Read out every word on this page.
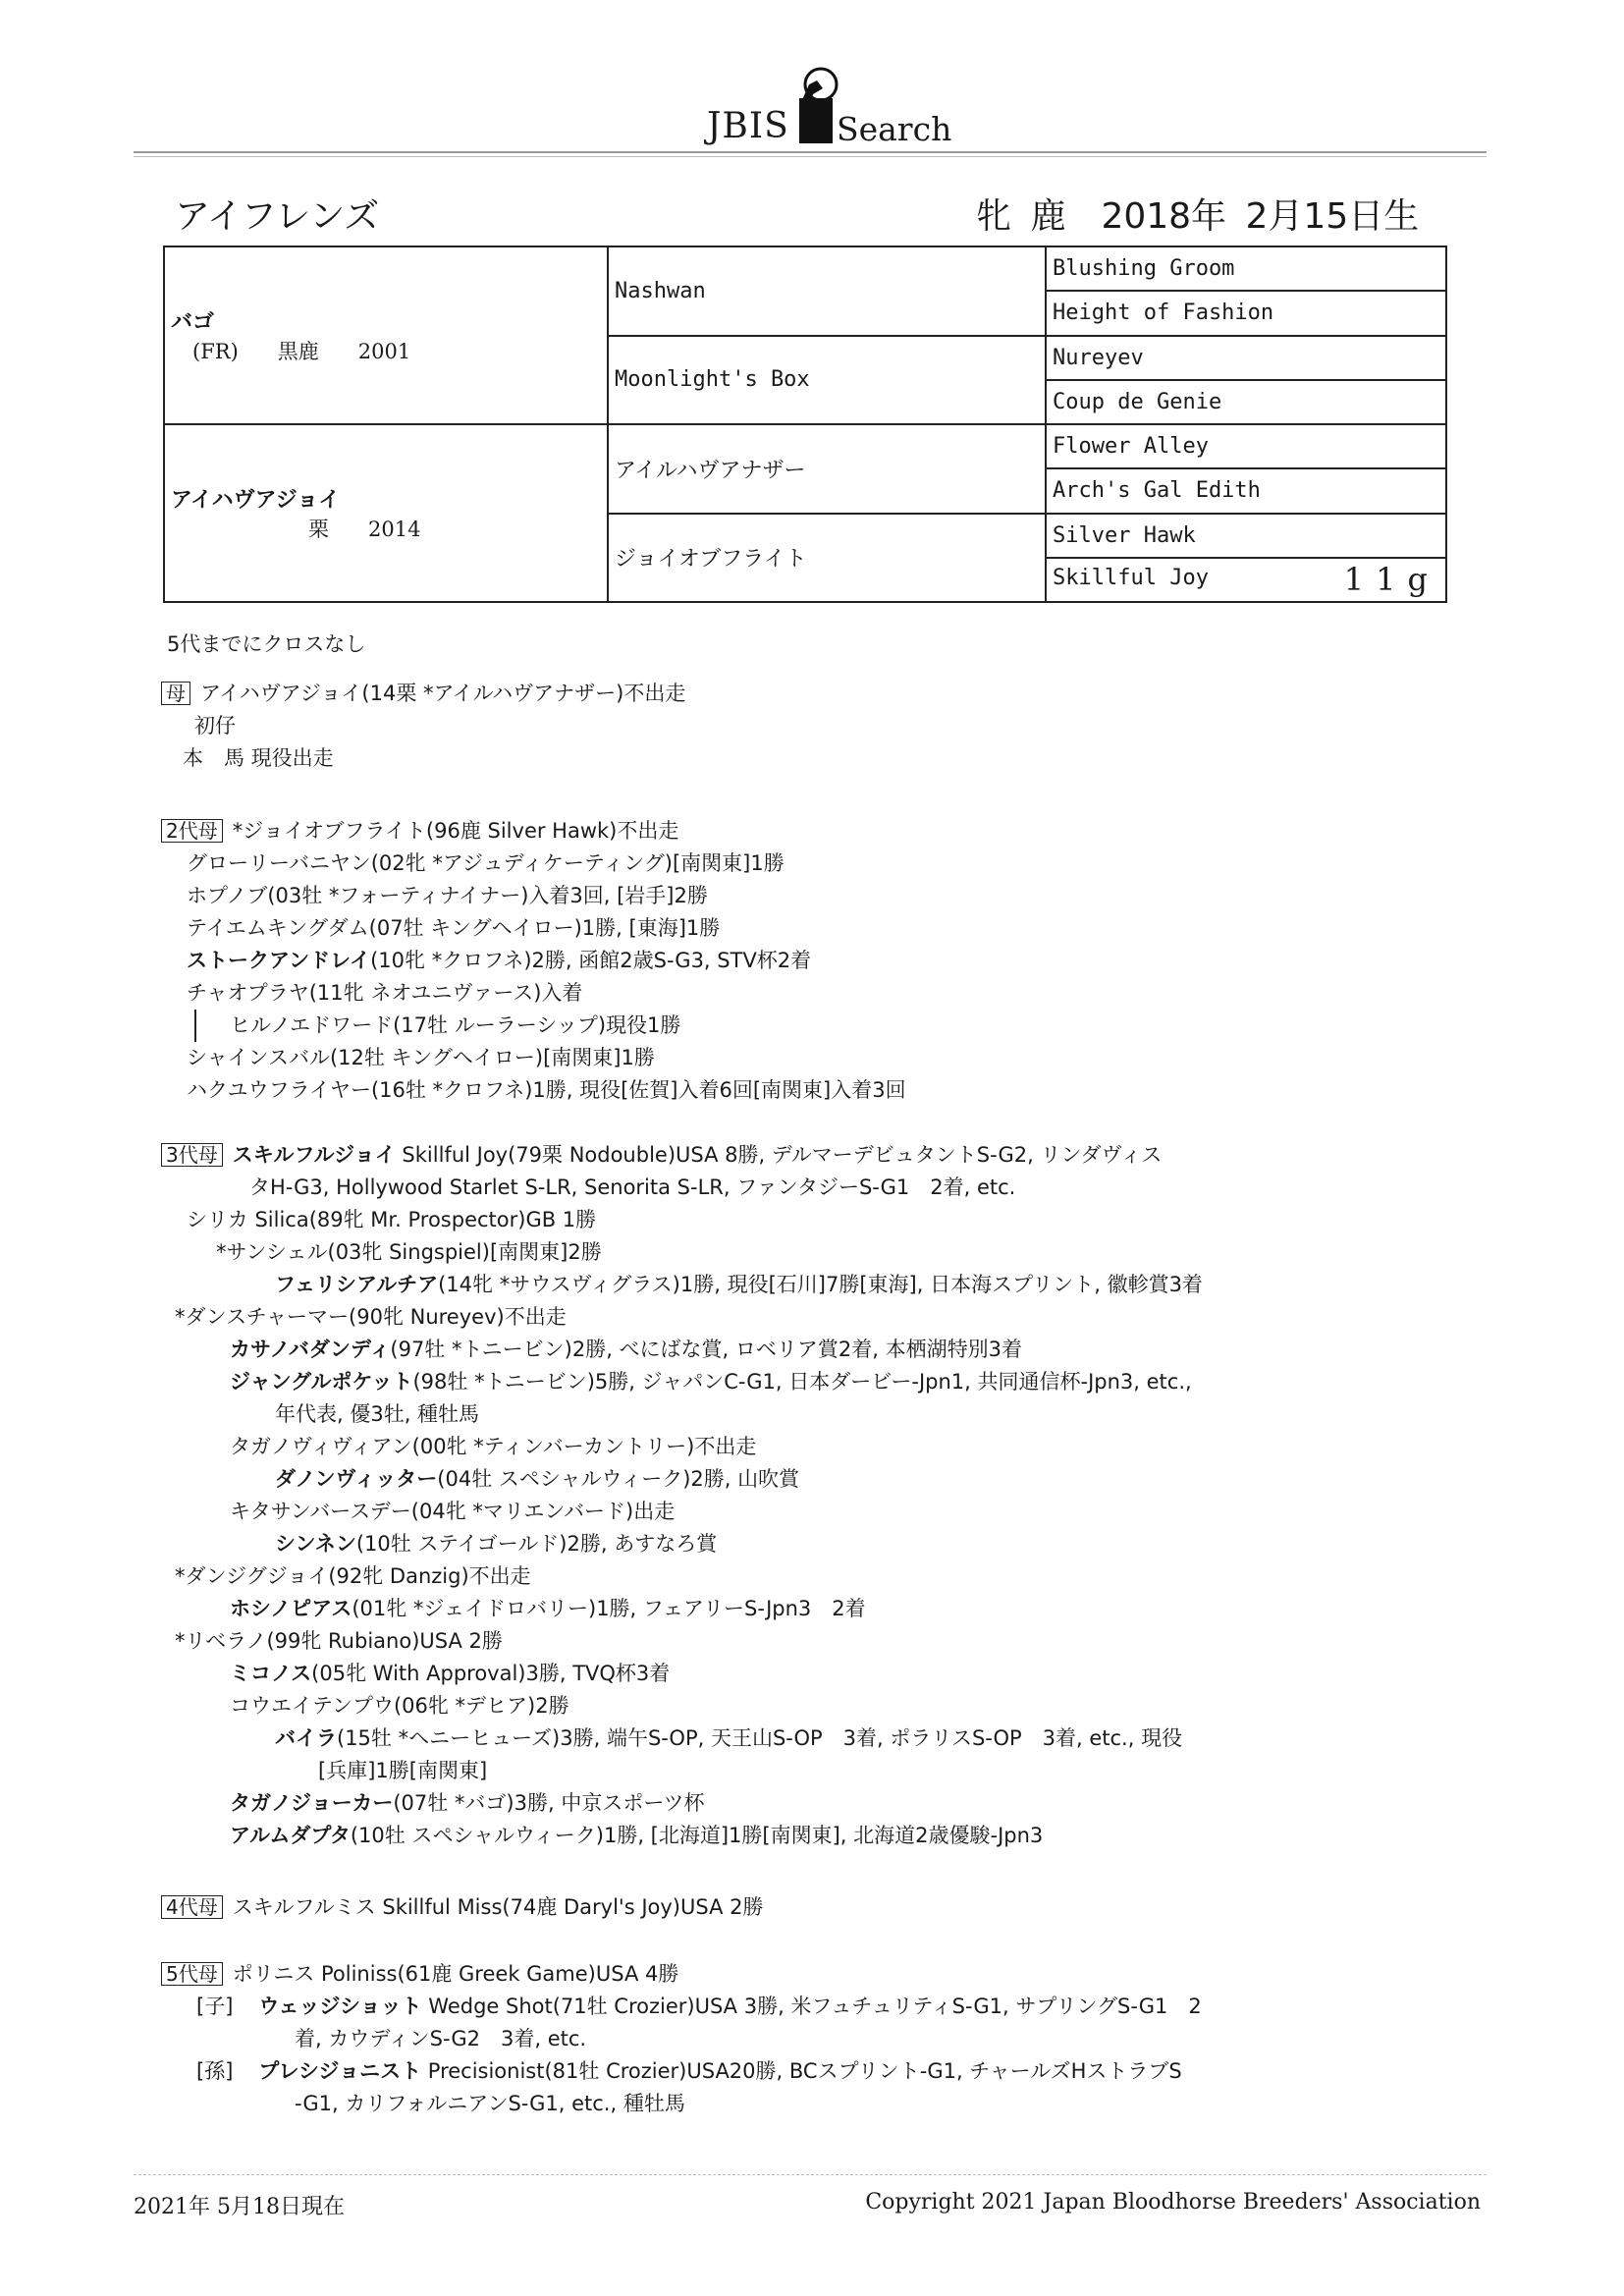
JBIS Search
アイフレンズ	牝 鹿　2018年 2月15日生
バゴ
(FR) 黒鹿 2001	Nashwan	Blushing Groom
		Height of Fashion
	Moonlight's Box	Nureyev
		Coup de Genie

アイハヴアジョイ
栗 2014	アイルハヴアナザー	Flower Alley
		Arch's Gal Edith
	ジョイオブフライト	Silver Hawk
		Skillful Joy 11g
5代までにクロスなし
母 アイハヴアジョイ(14栗 *アイルハヴアナザー)不出走
初仔
本　馬 現役出走
2代母 *ジョイオブフライト(96鹿 Silver Hawk)不出走
グローリーバニヤン(02牝 *アジュディケーティング)[南関東]1勝
ホプノブ(03牡 *フォーティナイナー)入着3回, [岩手]2勝
テイエムキングダム(07牡 キングヘイロー)1勝, [東海]1勝
ストークアンドレイ(10牝 *クロフネ)2勝, 函館2歳S-G3, STV杯2着
チャオプラヤ(11牝 ネオユニヴァース)入着
ヒルノエドワード(17牡 ルーラーシップ)現役1勝
シャインスバル(12牡 キングヘイロー)[南関東]1勝
ハクユウフライヤー(16牡 *クロフネ)1勝, 現役[佐賀]入着6回[南関東]入着3回
3代母 スキルフルジョイ Skillful Joy(79栗 Nodouble)USA 8勝, デルマーデビュタントS-G2, リンダヴィス
タH-G3, Hollywood Starlet S-LR, Senorita S-LR, ファンタジーS-G1　2着, etc.
シリカ Silica(89牝 Mr. Prospector)GB 1勝
*サンシェル(03牝 Singspiel)[南関東]2勝
フェリシアルチア(14牝 *サウスヴィグラス)1勝, 現役[石川]7勝[東海], 日本海スプリント, 徽軫賞3着
*ダンスチャーマー(90牝 Nureyev)不出走
カサノバダンディ(97牡 *トニービン)2勝, べにばな賞, ロベリア賞2着, 本栖湖特別3着
ジャングルポケット(98牡 *トニービン)5勝, ジャパンC-G1, 日本ダービー-Jpn1, 共同通信杯-Jpn3, etc.,
年代表, 優3牡, 種牡馬
タガノヴィヴィアン(00牝 *ティンバーカントリー)不出走
ダノンヴィッター(04牡 スペシャルウィーク)2勝, 山吹賞
キタサンバースデー(04牝 *マリエンバード)出走
シンネン(10牡 ステイゴールド)2勝, あすなろ賞
*ダンジグジョイ(92牝 Danzig)不出走
ホシノピアス(01牝 *ジェイドロバリー)1勝, フェアリーS-Jpn3　2着
*リベラノ(99牝 Rubiano)USA 2勝
ミコノス(05牝 With Approval)3勝, TVQ杯3着
コウエイテンプウ(06牝 *デヒア)2勝
バイラ(15牡 *ヘニーヒューズ)3勝, 端午S-OP, 天王山S-OP　3着, ポラリスS-OP　3着, etc., 現役
[兵庫]1勝[南関東]
タガノジョーカー(07牡 *バゴ)3勝, 中京スポーツ杯
アルムダプタ(10牡 スペシャルウィーク)1勝, [北海道]1勝[南関東], 北海道2歳優駿-Jpn3
4代母 スキルフルミス Skillful Miss(74鹿 Daryl's Joy)USA 2勝
5代母 ポリニス Poliniss(61鹿 Greek Game)USA 4勝
[子] ウェッジショット Wedge Shot(71牡 Crozier)USA 3勝, 米フュチュリティS-G1, サプリングS-G1　2
着, カウディンS-G2　3着, etc.
[孫] プレシジョニスト Precisionist(81牡 Crozier)USA20勝, BCスプリント-G1, チャールズHストラブS
-G1, カリフォルニアンS-G1, etc., 種牡馬
2021年 5月18日現在	Copyright 2021 Japan Bloodhorse Breeders' Association
